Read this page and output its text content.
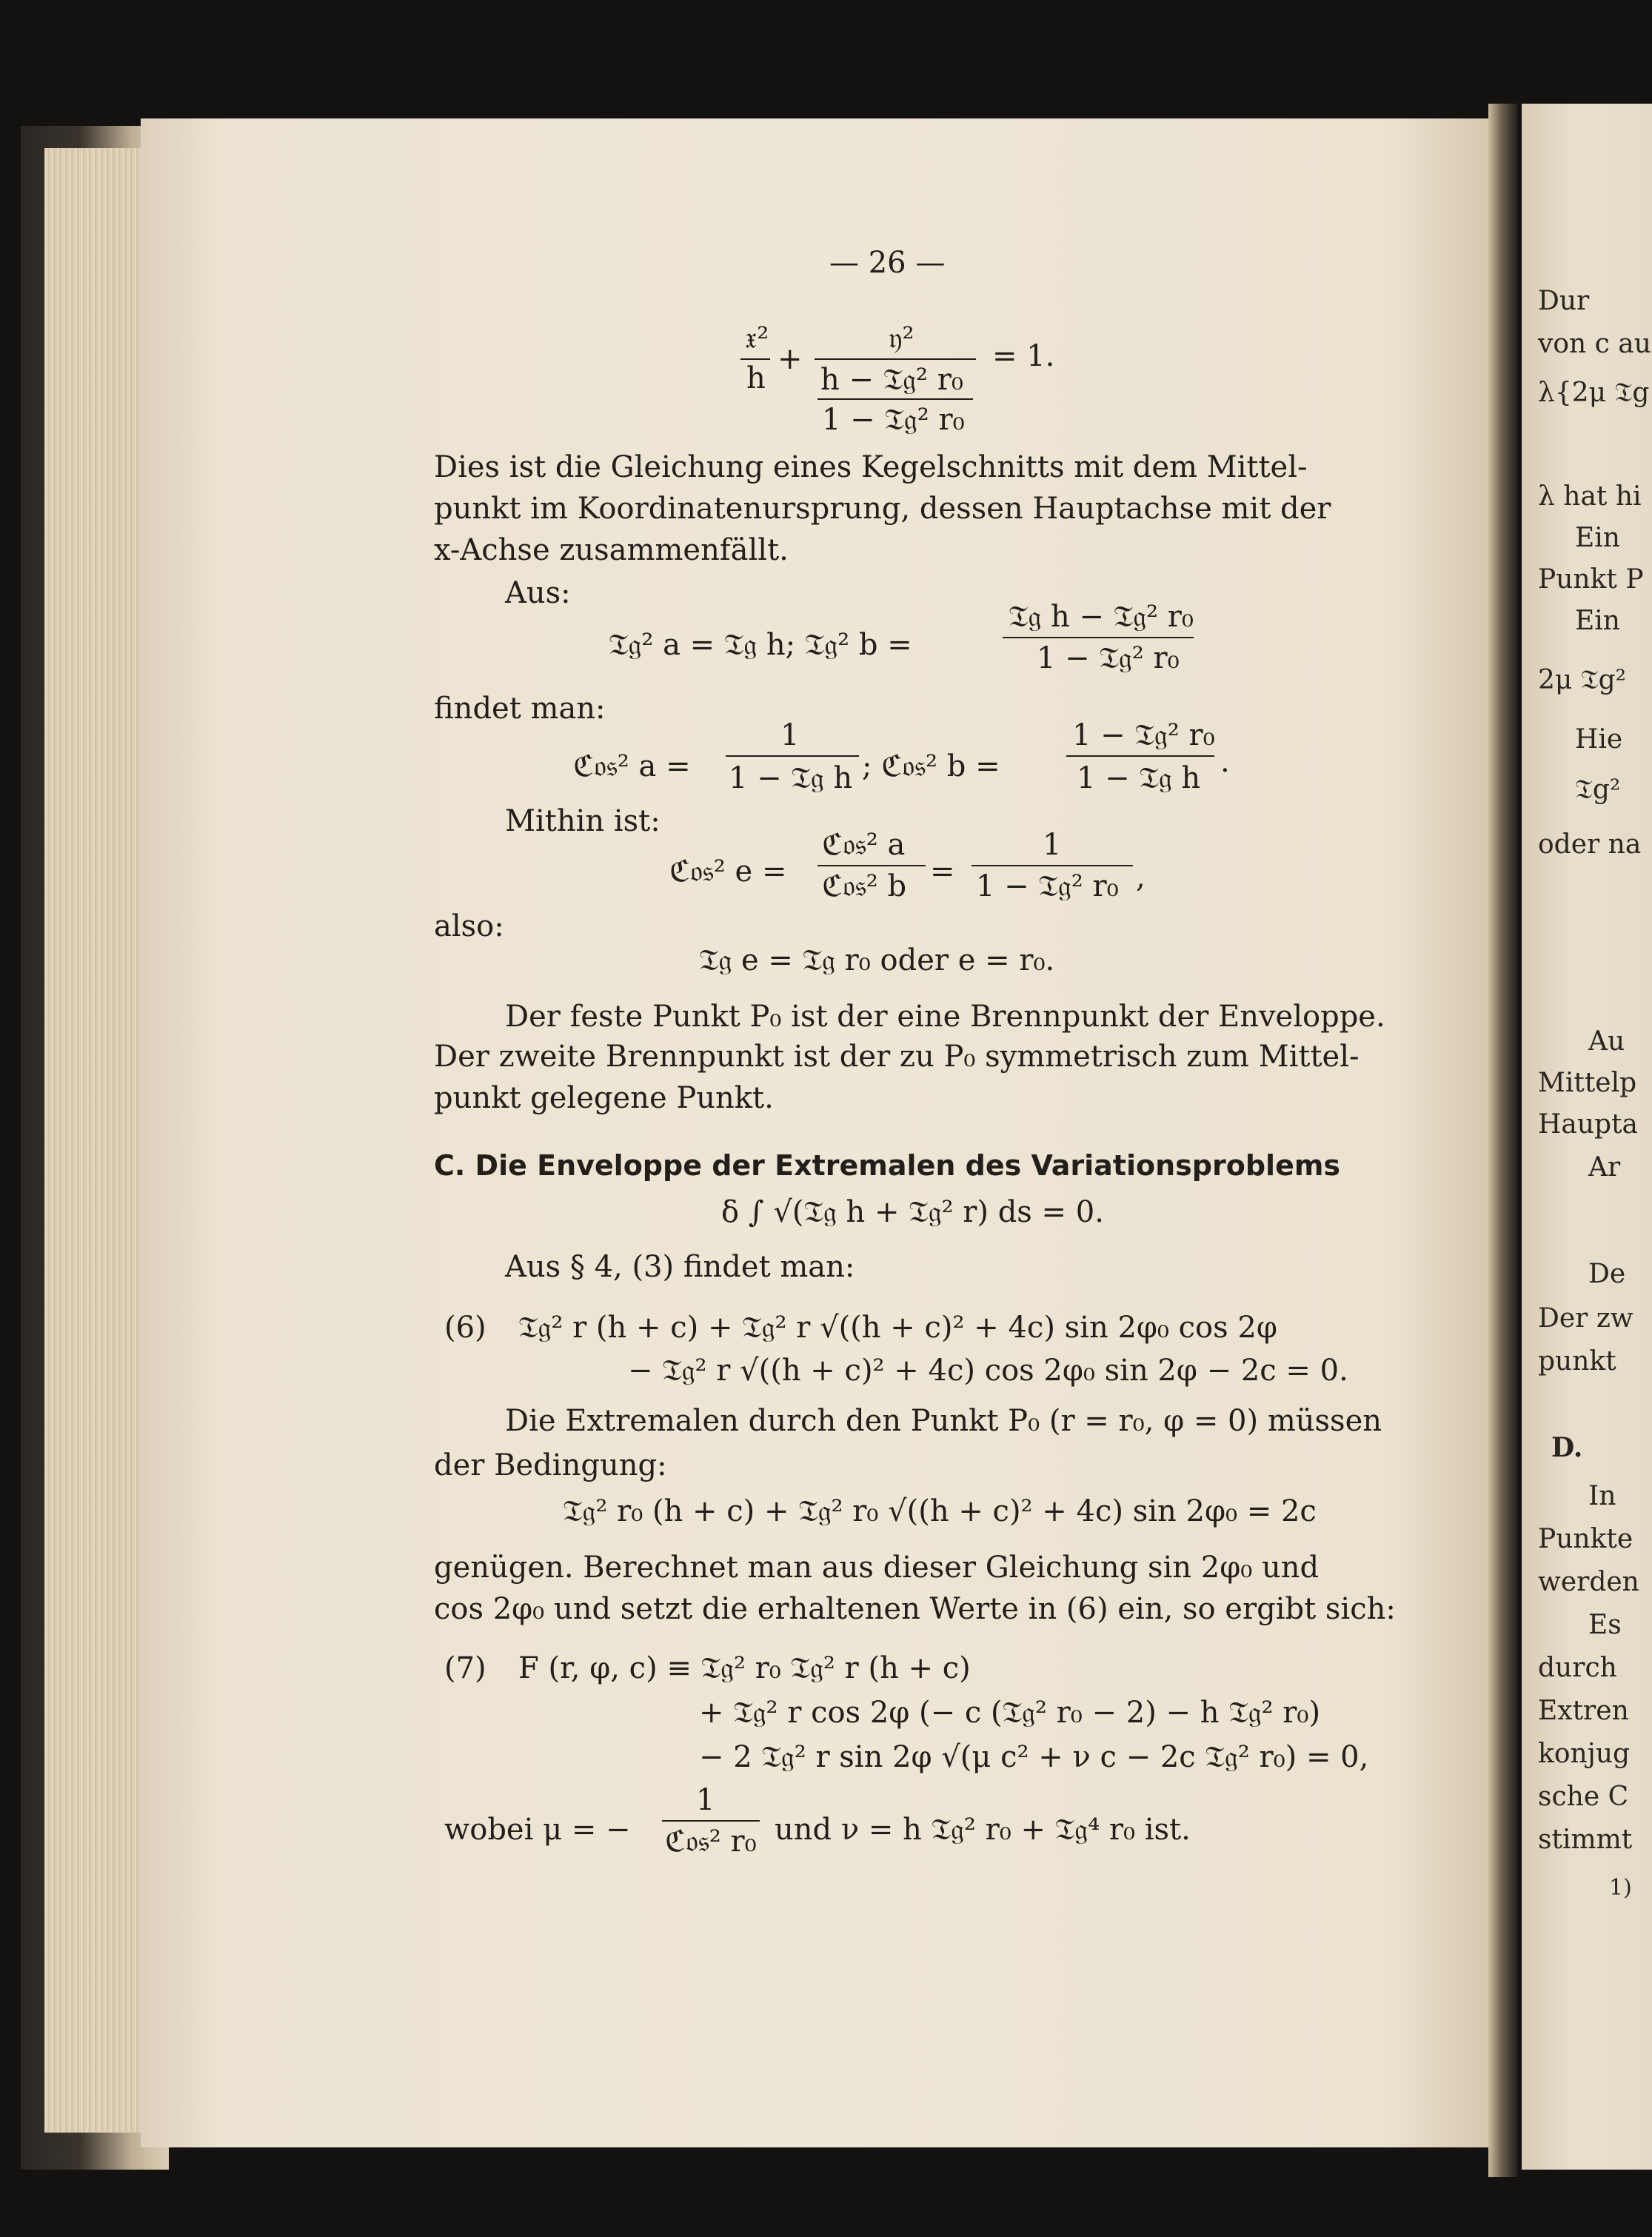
Dur
von c au
λ{2μ 𝔗g
λ hat hi
Ein
Punkt P
Ein
2μ 𝔗g²
Hie
𝔗g²
oder na
Au
Mittelp
Haupta
Ar
De
Der zw
punkt
D.
In
Punkte
werden
Es
durch
Extren
konjug
sche C
stimmt
1)
— 26 —
𝔵²
h
+
𝔶²
h − 𝔗𝔤² r₀
1 − 𝔗𝔤² r₀
= 1.
Dies ist die Gleichung eines Kegelschnitts mit dem Mittel-
punkt im Koordinatenursprung, dessen Hauptachse mit der
x-Achse zusammenfällt.
Aus:
𝔗𝔤² a = 𝔗𝔤 h; 𝔗𝔤² b =
𝔗𝔤 h − 𝔗𝔤² r₀
1 − 𝔗𝔤² r₀
findet man:
ℭ𝔬𝔰² a =
1
1 − 𝔗𝔤 h ; ℭ𝔬𝔰² b =
1 − 𝔗𝔤² r₀
1 − 𝔗𝔤 h .
Mithin ist:
ℭ𝔬𝔰² e =
ℭ𝔬𝔰² a
ℭ𝔬𝔰² b =
1
1 − 𝔗𝔤² r₀ ,
also:
𝔗𝔤 e = 𝔗𝔤 r₀ oder e = r₀.
Der feste Punkt P₀ ist der eine Brennpunkt der Enveloppe.
Der zweite Brennpunkt ist der zu P₀ symmetrisch zum Mittel-
punkt gelegene Punkt.
C. Die Enveloppe der Extremalen des Variationsproblems
δ ∫ √(𝔗𝔤 h + 𝔗𝔤² r) ds = 0.
Aus § 4, (3) findet man:
(6) 𝔗𝔤² r (h + c) + 𝔗𝔤² r √((h + c)² + 4c) sin 2φ₀ cos 2φ
− 𝔗𝔤² r √((h + c)² + 4c) cos 2φ₀ sin 2φ − 2c = 0.
Die Extremalen durch den Punkt P₀ (r = r₀, φ = 0) müssen
der Bedingung:
𝔗𝔤² r₀ (h + c) + 𝔗𝔤² r₀ √((h + c)² + 4c) sin 2φ₀ = 2c
genügen. Berechnet man aus dieser Gleichung sin 2φ₀ und
cos 2φ₀ und setzt die erhaltenen Werte in (6) ein, so ergibt sich:
(7) F (r, φ, c) ≡ 𝔗𝔤² r₀ 𝔗𝔤² r (h + c)
+ 𝔗𝔤² r cos 2φ (− c (𝔗𝔤² r₀ − 2) − h 𝔗𝔤² r₀)
− 2 𝔗𝔤² r sin 2φ √(μ c² + ν c − 2c 𝔗𝔤² r₀) = 0,
wobei μ = −
1
ℭ𝔬𝔰² r₀ und ν = h 𝔗𝔤² r₀ + 𝔗𝔤⁴ r₀ ist.
